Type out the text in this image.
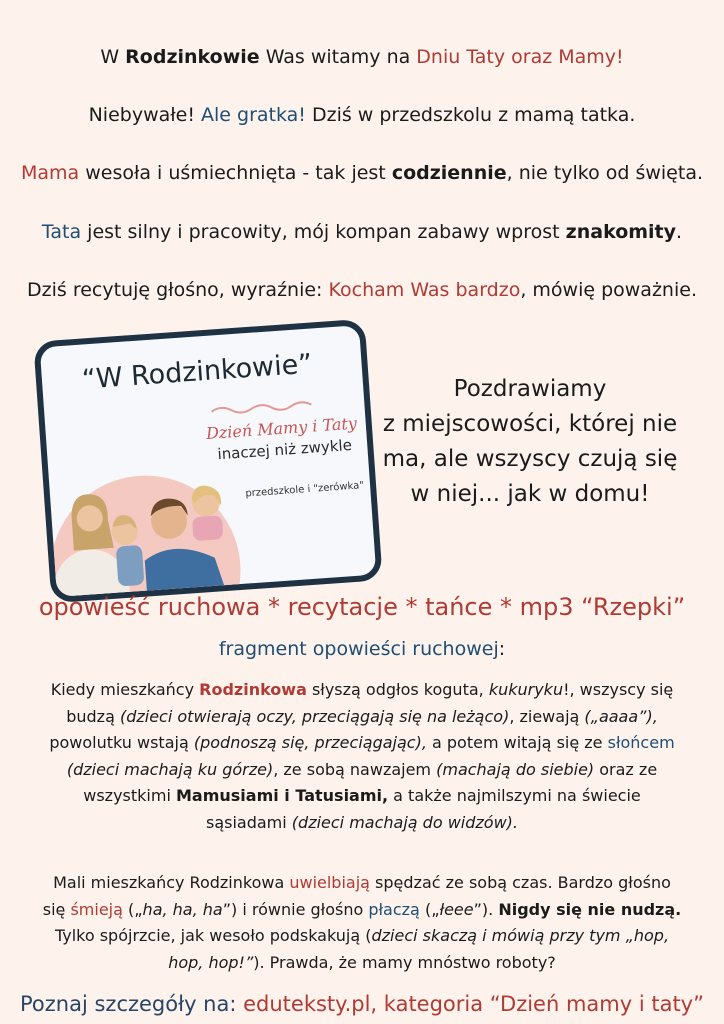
W Rodzinkowie Was witamy na Dniu Taty oraz Mamy!
Niebywałe! Ale gratka! Dziś w przedszkolu z mamą tatka.
Mama wesoła i uśmiechnięta - tak jest codziennie, nie tylko od święta.
Tata jest silny i pracowity, mój kompan zabawy wprost znakomity.
Dziś recytuję głośno, wyraźnie: Kocham Was bardzo, mówię poważnie.
“W Rodzinkowie”
Dzień Mamy i Taty
inaczej niż zwykle
przedszkole i "zerówka"
Pozdrawiamy
z miejscowości, której nie
ma, ale wszyscy czują się
w niej... jak w domu!
opowieść ruchowa * recytacje * tańce * mp3 “Rzepki”
fragment opowieści ruchowej:
Kiedy mieszkańcy Rodzinkowa słyszą odgłos koguta, kukuryku!, wszyscy się
budzą (dzieci otwierają oczy, przeciągają się na leżąco), ziewają („aaaa”),
powolutku wstają (podnoszą się, przeciągając), a potem witają się ze słońcem
(dzieci machają ku górze), ze sobą nawzajem (machają do siebie) oraz ze
wszystkimi Mamusiami i Tatusiami, a także najmilszymi na świecie
sąsiadami (dzieci machają do widzów).
Mali mieszkańcy Rodzinkowa uwielbiają spędzać ze sobą czas. Bardzo głośno
się śmieją („ha, ha, ha”) i równie głośno płaczą („łeee”). Nigdy się nie nudzą.
Tylko spójrzcie, jak wesoło podskakują (dzieci skaczą i mówią przy tym „hop,
hop, hop!”). Prawda, że mamy mnóstwo roboty?
Poznaj szczegóły na: eduteksty.pl, kategoria “Dzień mamy i taty”
